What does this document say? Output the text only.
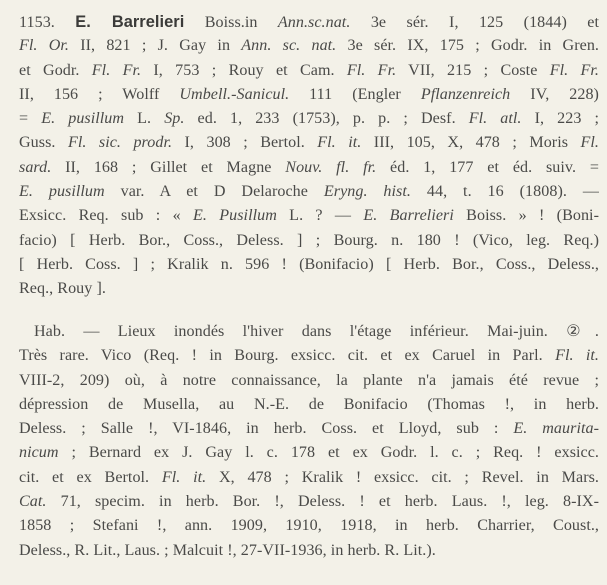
1153. E. Barrelieri Boiss.in Ann.sc.nat. 3e sér. I, 125 (1844) et
Fl. Or. II, 821 ; J. Gay in Ann. sc. nat. 3e sér. IX, 175 ; Godr. in Gren.
et Godr. Fl. Fr. I, 753 ; Rouy et Cam. Fl. Fr. VII, 215 ; Coste Fl. Fr.
II, 156 ; Wolff Umbell.-Sanicul. 111 (Engler Pflanzenreich IV, 228)
= E. pusillum L. Sp. ed. 1, 233 (1753), p. p. ; Desf. Fl. atl. I, 223 ;
Guss. Fl. sic. prodr. I, 308 ; Bertol. Fl. it. III, 105, X, 478 ; Moris Fl.
sard. II, 168 ; Gillet et Magne Nouv. fl. fr. éd. 1, 177 et éd. suiv. =
E. pusillum var. A et D Delaroche Eryng. hist. 44, t. 16 (1808). —
Exsicc. Req. sub : « E. Pusillum L. ? — E. Barrelieri Boiss. » ! (Boni-
facio) [ Herb. Bor., Coss., Deless. ] ; Bourg. n. 180 ! (Vico, leg. Req.)
[ Herb. Coss. ] ; Kralik n. 596 ! (Bonifacio) [ Herb. Bor., Coss., Deless.,
Req., Rouy ].
Hab. — Lieux inondés l'hiver dans l'étage inférieur. Mai-juin. ②.
Très rare. Vico (Req. ! in Bourg. exsicc. cit. et ex Caruel in Parl. Fl. it.
VIII-2, 209) où, à notre connaissance, la plante n'a jamais été revue ;
dépression de Musella, au N.-E. de Bonifacio (Thomas !, in herb.
Deless. ; Salle !, VI-1846, in herb. Coss. et Lloyd, sub : E. maurita-
nicum ; Bernard ex J. Gay l. c. 178 et ex Godr. l. c. ; Req. ! exsicc.
cit. et ex Bertol. Fl. it. X, 478 ; Kralik ! exsicc. cit. ; Revel. in Mars.
Cat. 71, specim. in herb. Bor. !, Deless. ! et herb. Laus. !, leg. 8-IX-
1858 ; Stefani !, ann. 1909, 1910, 1918, in herb. Charrier, Coust.,
Deless., R. Lit., Laus. ; Malcuit !, 27-VII-1936, in herb. R. Lit.).
